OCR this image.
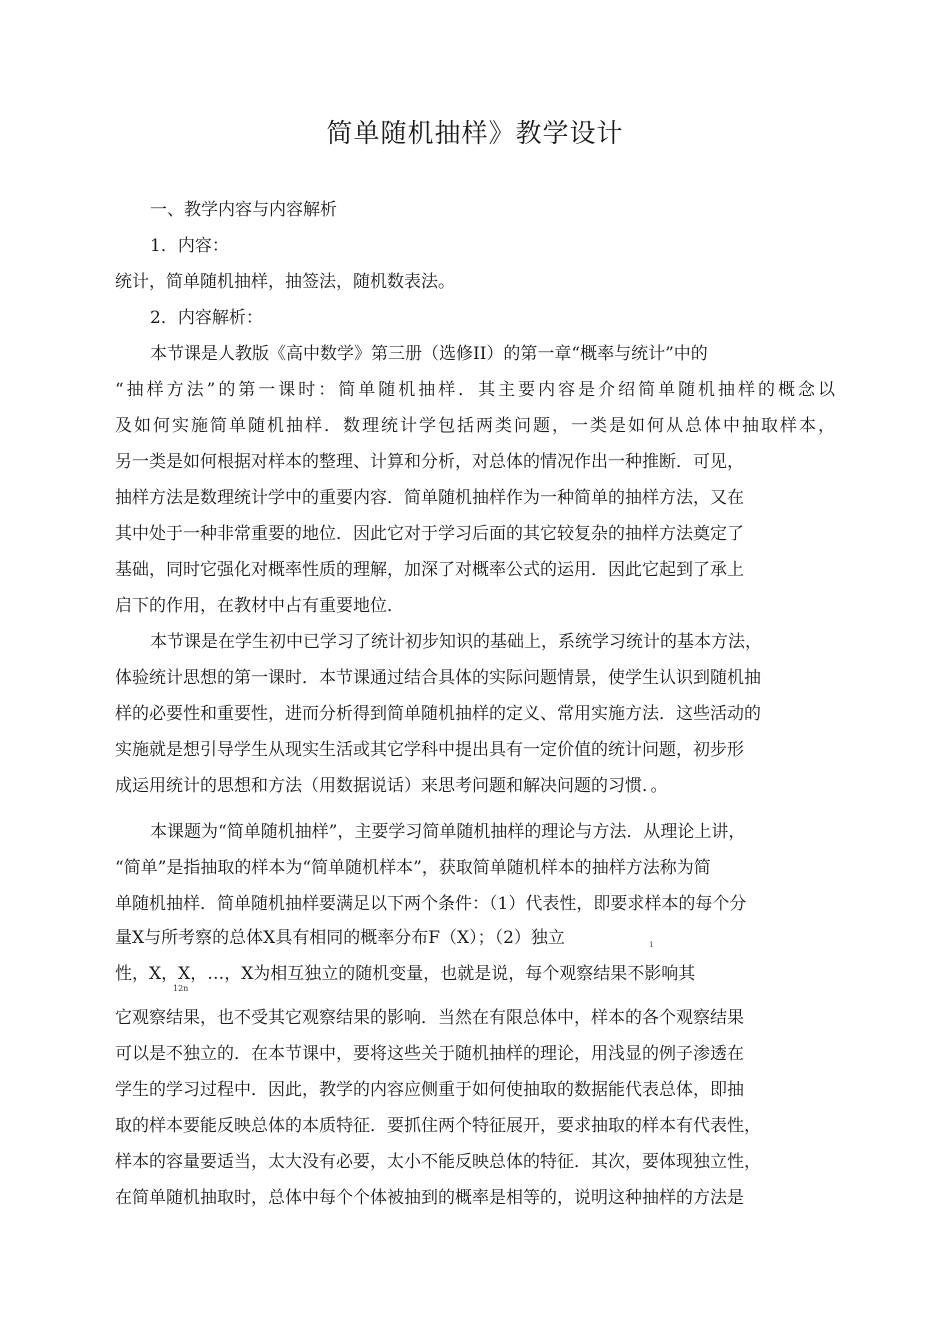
简单随机抽样》教学设计
一、教学内容与内容解析
1．内容：
统计，简单随机抽样，抽签法，随机数表法。
2．内容解析：
本节课是人教版《高中数学》第三册（选修II）的第一章“概率与统计”中的
“抽样方法”的第一课时：简单随机抽样．其主要内容是介绍简单随机抽样的概念以
及如何实施简单随机抽样．数理统计学包括两类问题，一类是如何从总体中抽取样本，
另一类是如何根据对样本的整理、计算和分析，对总体的情况作出一种推断．可见，
抽样方法是数理统计学中的重要内容．简单随机抽样作为一种简单的抽样方法，又在
其中处于一种非常重要的地位．因此它对于学习后面的其它较复杂的抽样方法奠定了
基础，同时它强化对概率性质的理解，加深了对概率公式的运用．因此它起到了承上
启下的作用，在教材中占有重要地位．
本节课是在学生初中已学习了统计初步知识的基础上，系统学习统计的基本方法，
体验统计思想的第一课时．本节课通过结合具体的实际问题情景，使学生认识到随机抽
样的必要性和重要性，进而分析得到简单随机抽样的定义、常用实施方法．这些活动的
实施就是想引导学生从现实生活或其它学科中提出具有一定价值的统计问题，初步形
成运用统计的思想和方法（用数据说话）来思考问题和解决问题的习惯．。
本课题为“简单随机抽样”，主要学习简单随机抽样的理论与方法．从理论上讲，
“简单”是指抽取的样本为“简单随机样本”，获取简单随机样本的抽样方法称为简
单随机抽样．简单随机抽样要满足以下两个条件：（1）代表性，即要求样本的每个分
量X与所考察的总体X具有相同的概率分布F（X）；（2）独立	i
性，X，X，…，X为相互独立的随机变量，也就是说，每个观察结果不影响其
12n
它观察结果，也不受其它观察结果的影响．当然在有限总体中，样本的各个观察结果
可以是不独立的．在本节课中，要将这些关于随机抽样的理论，用浅显的例子渗透在
学生的学习过程中．因此，教学的内容应侧重于如何使抽取的数据能代表总体，即抽
取的样本要能反映总体的本质特征．要抓住两个特征展开，要求抽取的样本有代表性，
样本的容量要适当，太大没有必要，太小不能反映总体的特征．其次，要体现独立性，
在简单随机抽取时，总体中每个个体被抽到的概率是相等的，说明这种抽样的方法是
